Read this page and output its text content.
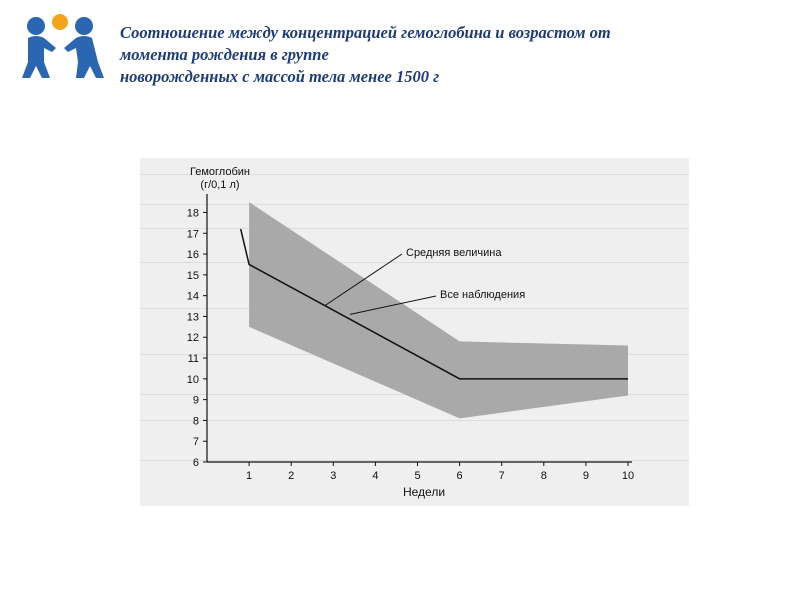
Соотношение между концентрацией гемоглобина и возрастом от
момента рождения в группе
новорожденных с массой тела менее 1500 г
Гемоглобин
(г/0,1 л)
Недели
6
7
8
9
10
11
12
13
14
15
16
17
18
1	2	3	4	5	6	7	8	9	10
Средняя величина
Все наблюдения
